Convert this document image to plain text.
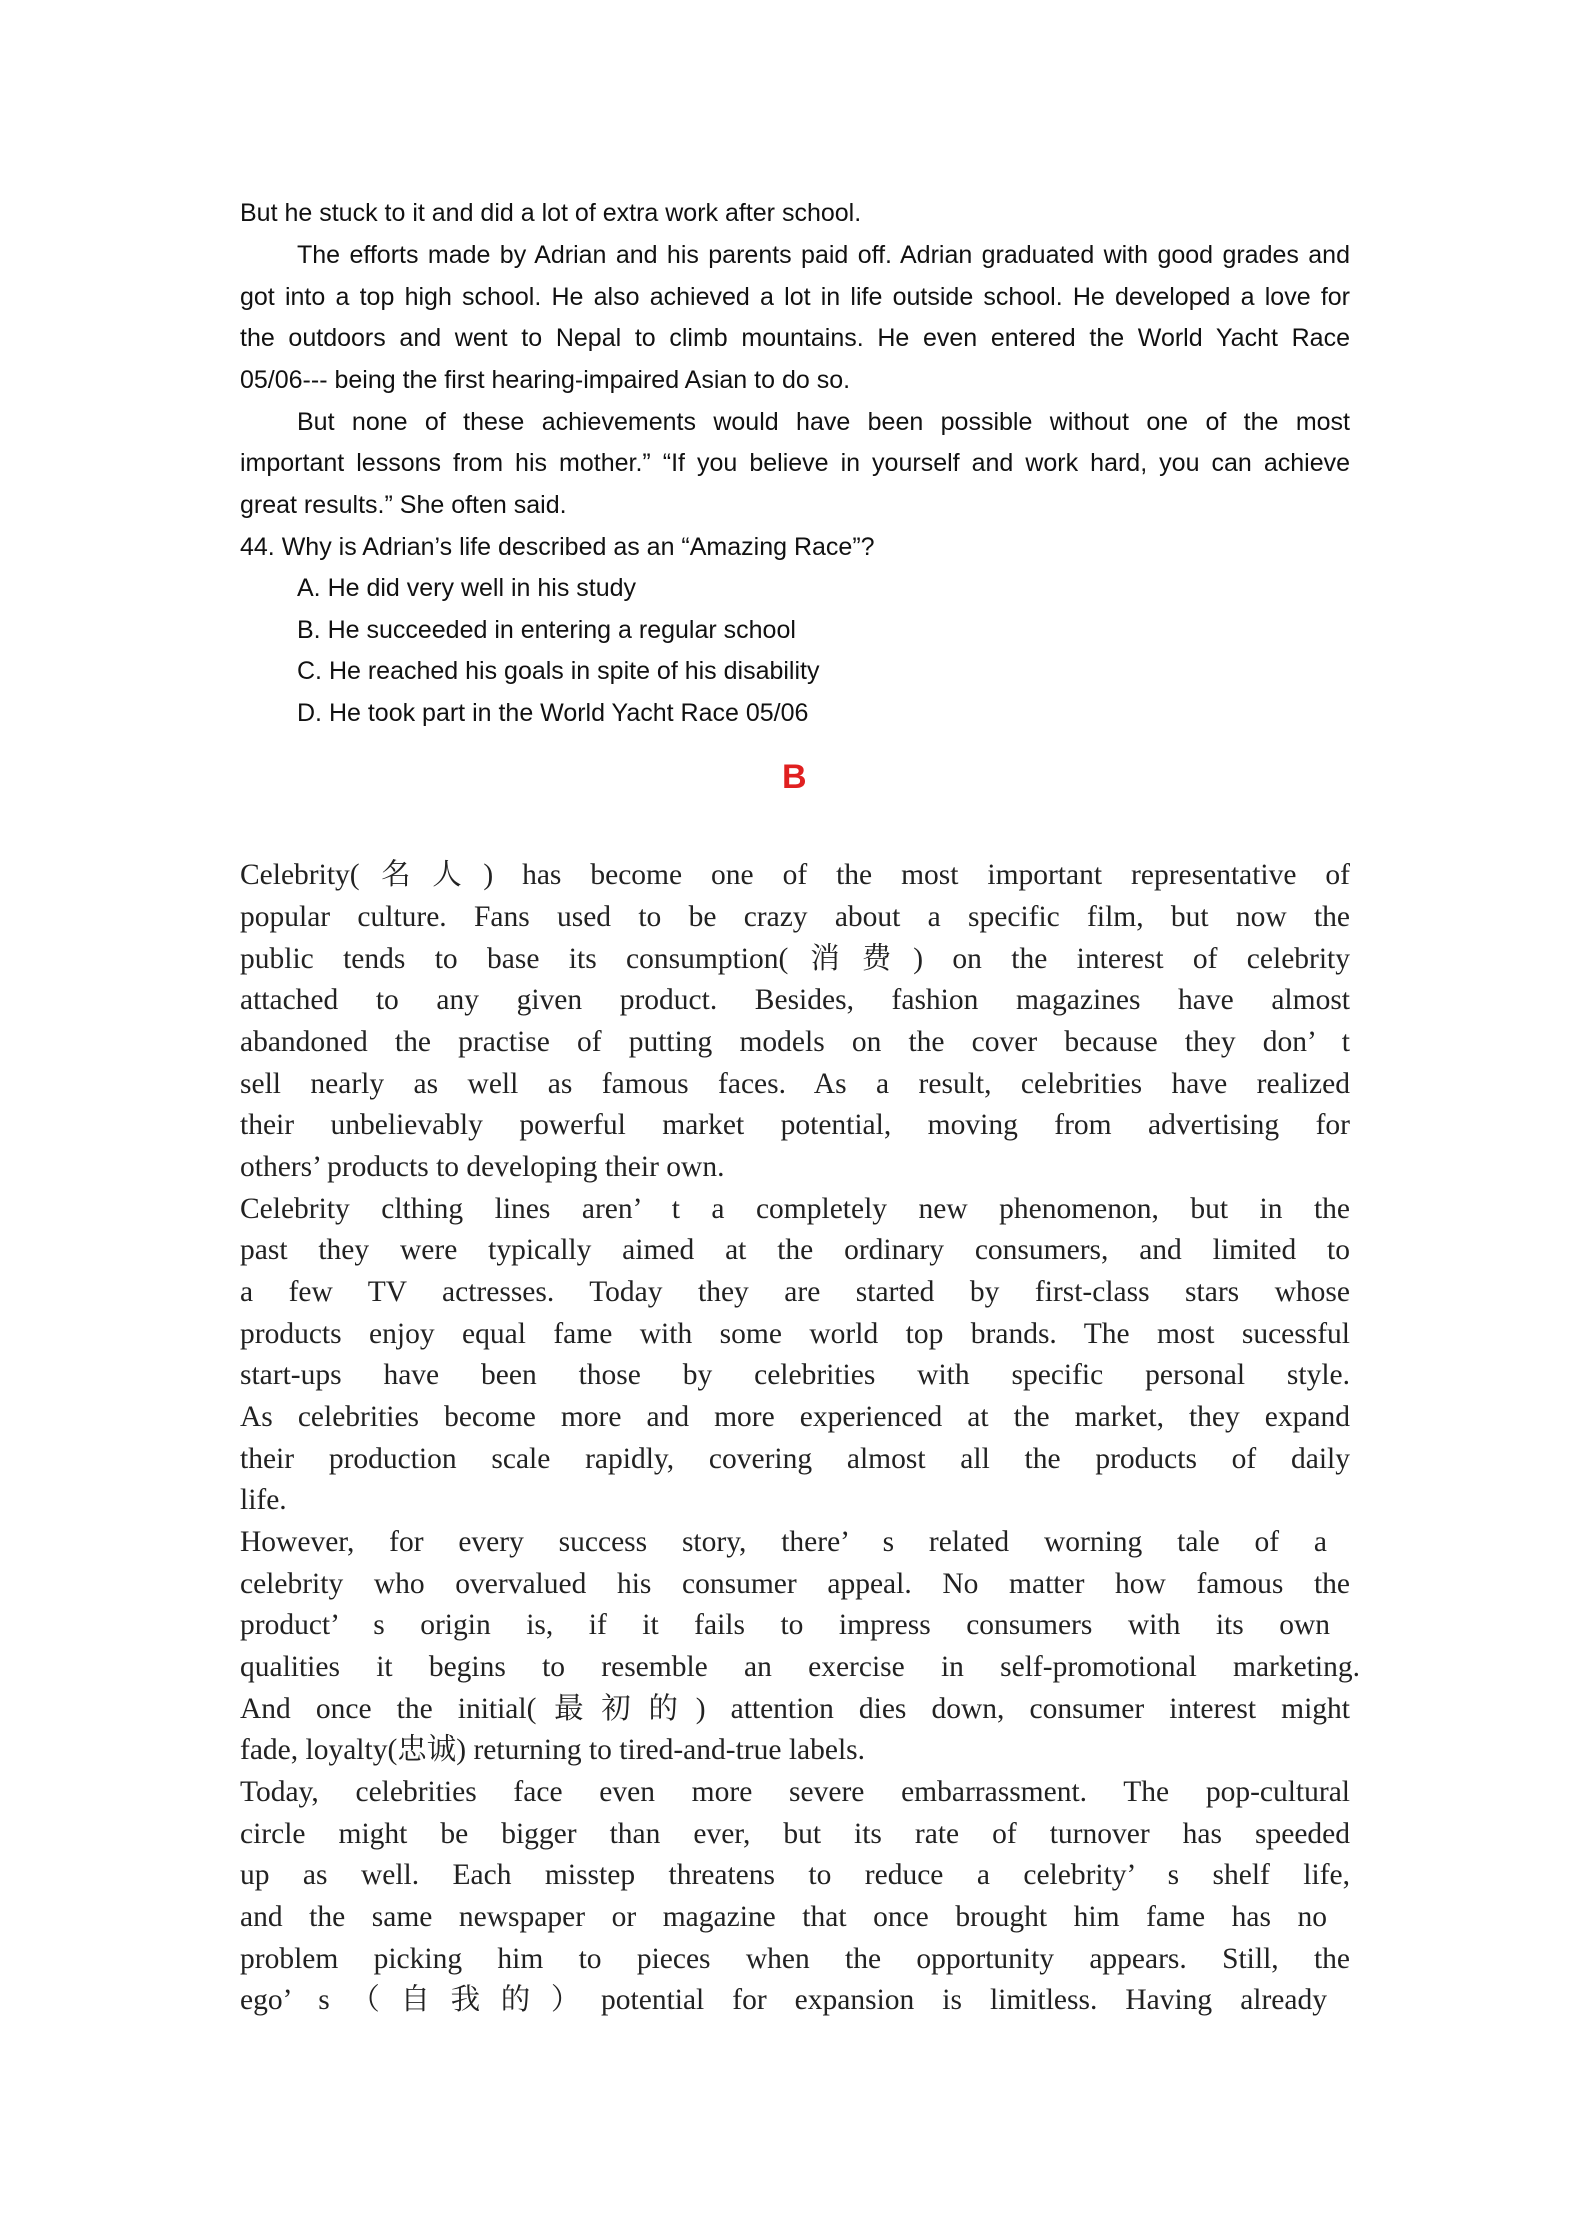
But he stuck to it and did a lot of extra work after school.
The efforts made by Adrian and his parents paid off. Adrian graduated with good grades and
got into a top high school. He also achieved a lot in life outside school. He developed a love for
the outdoors and went to Nepal to climb mountains. He even entered the World Yacht Race
05/06--- being the first hearing-impaired Asian to do so.
But none of these achievements would have been possible without one of the most
important lessons from his mother.” “If you believe in yourself and work hard, you can achieve
great results.” She often said.
44. Why is Adrian’s life described as an “Amazing Race”?
A. He did very well in his study
B. He succeeded in entering a regular school
C. He reached his goals in spite of his disability
D. He took part in the World Yacht Race 05/06
B
Celebrity(名人) has become one of the most important representative of
popular culture. Fans used to be crazy about a specific film, but now the
public tends to base its consumption(消费) on the interest of celebrity
attached to any given product. Besides, fashion magazines have almost
abandoned the practise of putting models on the cover because they don’ t
sell nearly as well as famous faces. As a result, celebrities have realized
their unbelievably powerful market potential, moving from advertising for
others’ products to developing their own.
Celebrity clthing lines aren’ t a completely new phenomenon, but in the
past they were typically aimed at the ordinary consumers, and limited to
a few TV actresses. Today they are started by first-class stars whose
products enjoy equal fame with some world top brands. The most sucessful
start-ups have been those by celebrities with specific personal style.
As celebrities become more and more experienced at the market, they expand
their production scale rapidly, covering almost all the products of daily
life.
However, for every success story, there’ s related worning tale of a
celebrity who overvalued his consumer appeal. No matter how famous the
product’ s origin is, if it fails to impress consumers with its own
qualities it begins to resemble an exercise in self-promotional marketing.
And once the initial(最初的) attention dies down, consumer interest might
fade, loyalty(忠诚) returning to tired-and-true labels.
Today, celebrities face even more severe embarrassment. The pop-cultural
circle might be bigger than ever, but its rate of turnover has speeded
up as well. Each misstep threatens to reduce a celebrity’ s shelf life,
and the same newspaper or magazine that once brought him fame has no
problem picking him to pieces when the opportunity appears. Still, the
ego’ s（自我的）potential for expansion is limitless. Having already
